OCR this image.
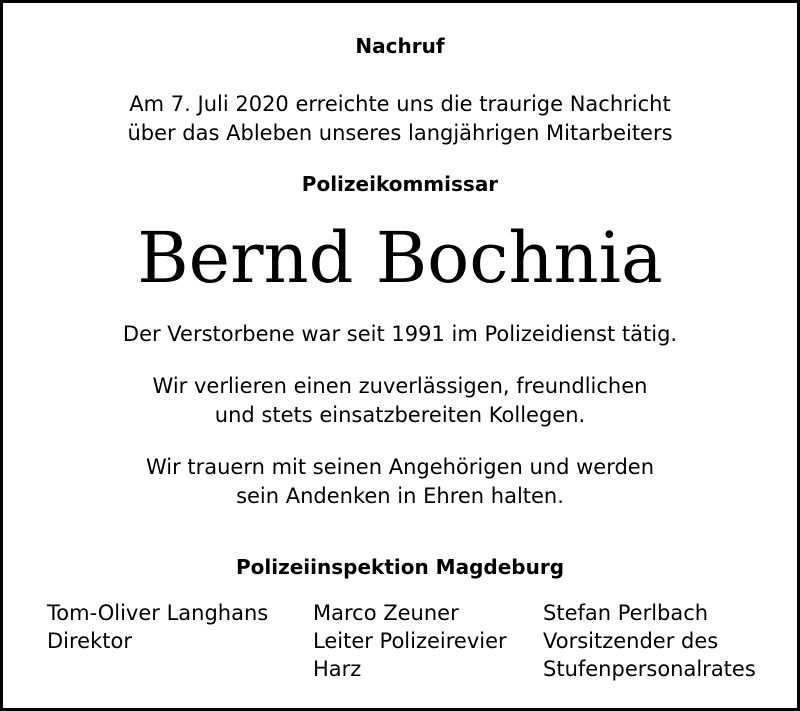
Nachruf
Am 7. Juli 2020 erreichte uns die traurige Nachricht
über das Ableben unseres langjährigen Mitarbeiters
Polizeikommissar
Bernd Bochnia
Der Verstorbene war seit 1991 im Polizeidienst tätig.
Wir verlieren einen zuverlässigen, freundlichen
und stets einsatzbereiten Kollegen.
Wir trauern mit seinen Angehörigen und werden
sein Andenken in Ehren halten.
Polizeiinspektion Magdeburg
Tom-Oliver Langhans
Direktor
Marco Zeuner
Leiter Polizeirevier
Harz
Stefan Perlbach
Vorsitzender des
Stufenpersonalrates
